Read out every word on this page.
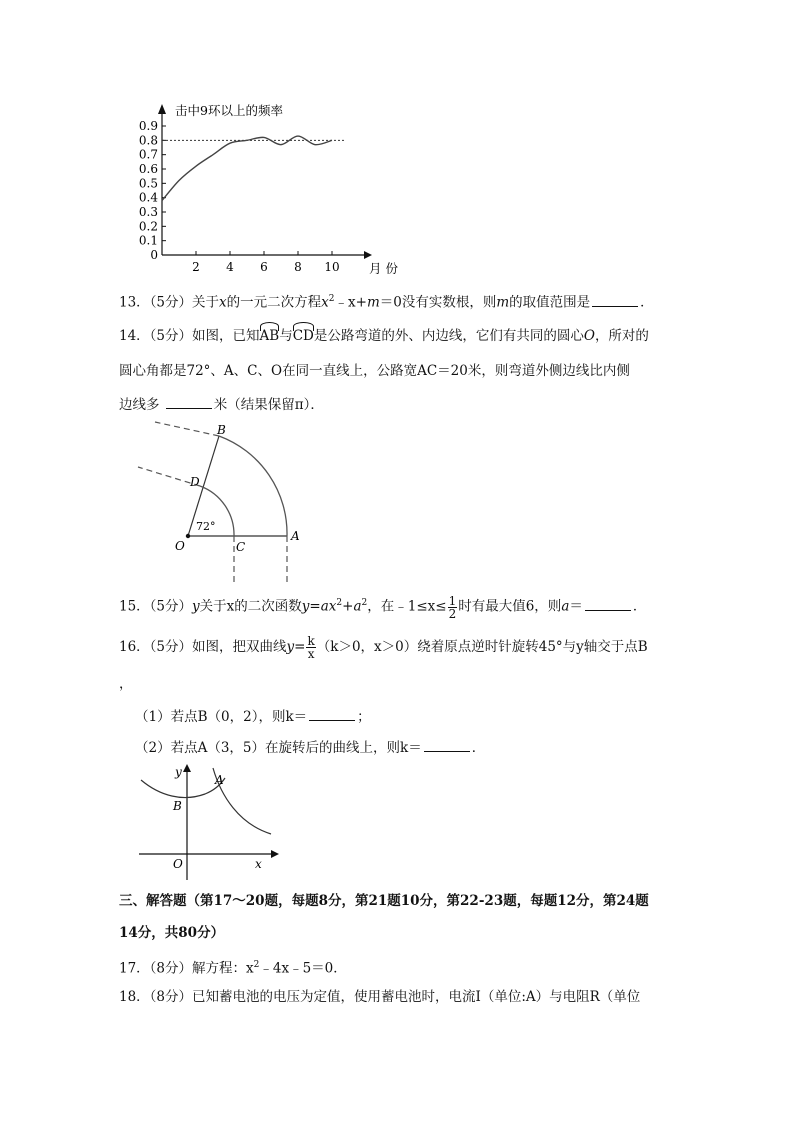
0
0.1
0.2
0.3
0.4
0.5
0.6
0.7
0.8
0.9
2 4 6 8 10
击中9环以上的频率
月 份
13．（5分）关于x的一元二次方程$x^2﹣x+m=0$没有实数根，则m的取值范围是	．
14．（5分）如图，已知
AB与
CD是公路弯道的外、内边线，它们有共同的圆心O，所对的
圆心角都是72°、A、C、O在同一直线上，公路宽AC＝20米，则弯道外侧边线比内侧
边线多	米（结果保留π）．
B
D
O	C
A
72°
15．（5分）y关于x的二次函数$y=ax^2+a^2$，在﹣1≤x≤ $\frac{1}{2}$ 时有最大值6，则a＝	．
16．（5分）如图，把双曲线$y= \frac{k}{x} (k>0$，x＞0）绕着原点逆时针旋转45°与y轴交于点B
，
（1）若点B（0，2），则k＝	；
（2）若点A（3，5）在旋转后的曲线上，则k＝	．
y
A
B
O	x
三、解答题（第17～20题，每题8分，第21题10分，第22-23题，每题12分，第24题
14分，共80分）
17．（8分）解方程：$x^2﹣4x﹣5=0$．
18．（8分）已知蓄电池的电压为定值，使用蓄电池时，电流I（单位:A）与电阻R（单位
